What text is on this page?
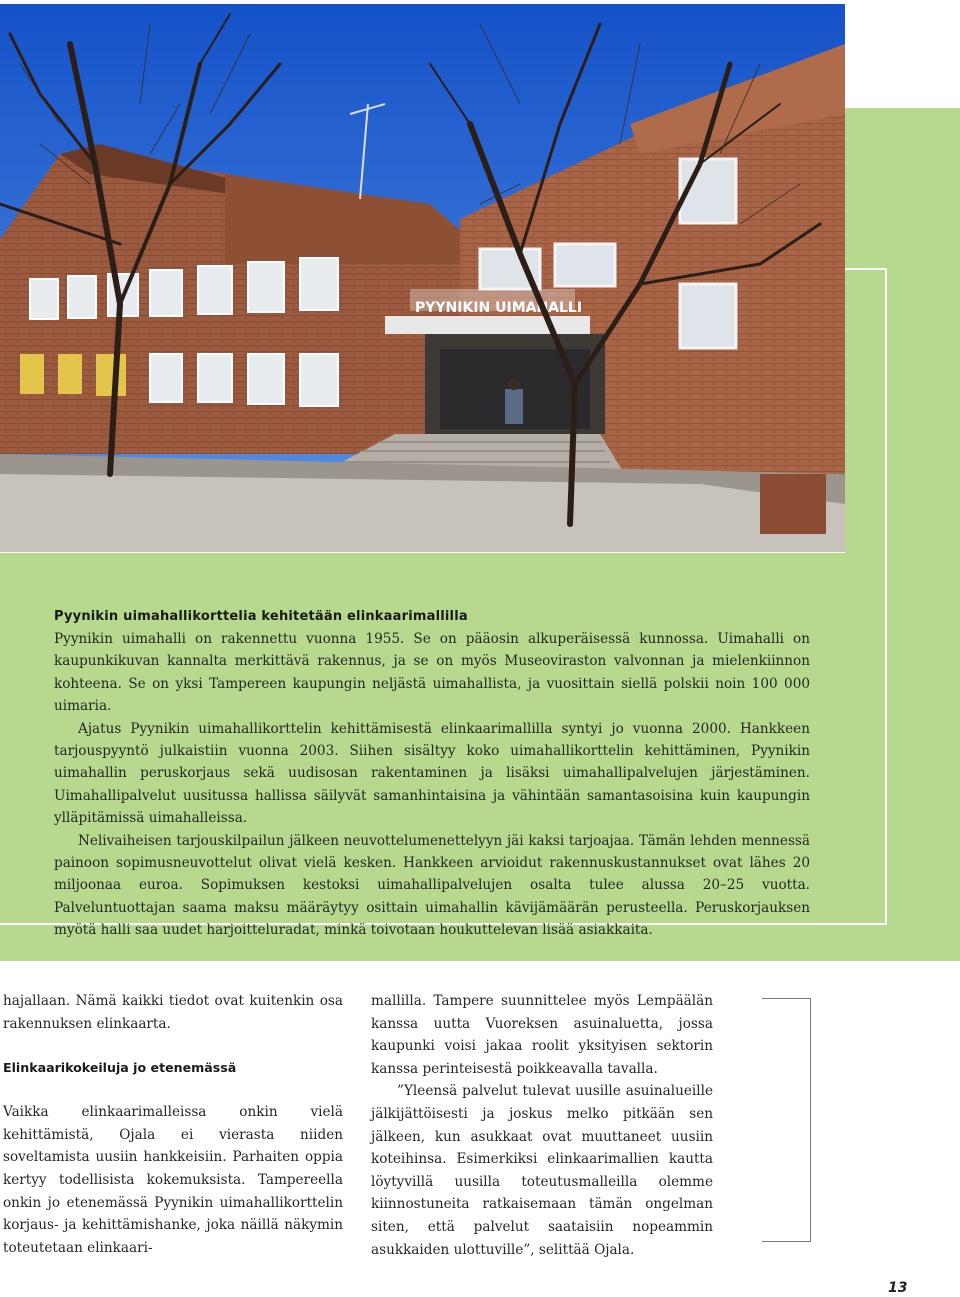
PYYNIKIN UIMAHALLI
Pyynikin uimahallikorttelia kehitetään elinkaarimallilla

Pyynikin uimahalli on rakennettu vuonna 1955. Se on pääosin alkuperäisessä kunnossa. Uimahalli on kaupunkikuvan kannalta merkittävä rakennus, ja se on myös Museoviraston valvonnan ja mielenkiinnon kohteena. Se on yksi Tampereen kaupungin neljästä uimahallista, ja vuosittain siellä polskii noin 100 000 uimaria.

Ajatus Pyynikin uimahallikorttelin kehittämisestä elinkaarimallilla syntyi jo vuonna 2000. Hankkeen tarjouspyyntö julkaistiin vuonna 2003. Siihen sisältyy koko uimahallikorttelin kehittäminen, Pyynikin uimahallin peruskorjaus sekä uudisosan rakentaminen ja lisäksi uimahallipalvelujen järjestäminen. Uimahallipalvelut uusitussa hallissa säilyvät samanhintaisina ja vähintään samantasoisina kuin kaupungin ylläpitämissä uimahalleissa.

Nelivaiheisen tarjouskilpailun jälkeen neuvottelumenettelyyn jäi kaksi tarjoajaa. Tämän lehden mennessä painoon sopimusneuvottelut olivat vielä kesken. Hankkeen arvioidut rakennuskustannukset ovat lähes 20 miljoonaa euroa. Sopimuksen kestoksi uimahallipalvelujen osalta tulee alussa 20–25 vuotta. Palveluntuottajan saama maksu määräytyy osittain uimahallin kävijämäärän perusteella. Peruskorjauksen myötä halli saa uudet harjoitteluradat, minkä toivotaan houkuttelevan lisää asiakkaita.

hajallaan. Nämä kaikki tiedot ovat kuitenkin osa rakennuksen elinkaarta.

Elinkaarikokeiluja jo etenemässä

Vaikka elinkaarimalleissa onkin vielä kehittämistä, Ojala ei vierasta niiden soveltamista uusiin hankkeisiin. Parhaiten oppia kertyy todellisista kokemuksista. Tampereella onkin jo etenemässä Pyynikin uimahallikorttelin korjaus- ja kehittämishanke, joka näillä näkymin toteutetaan elinkaari-

mallilla. Tampere suunnittelee myös Lempäälän kanssa uutta Vuoreksen asuinaluetta, jossa kaupunki voisi jakaa roolit yksityisen sektorin kanssa perinteisestä poikkeavalla tavalla.

”Yleensä palvelut tulevat uusille asuinalueille jälkijättöisesti ja joskus melko pitkään sen jälkeen, kun asukkaat ovat muuttaneet uusiin koteihinsa. Esimerkiksi elinkaarimallien kautta löytyvillä uusilla toteutusmalleilla olemme kiinnostuneita ratkaisemaan tämän ongelman siten, että palvelut saataisiin nopeammin asukkaiden ulottuville”, selittää Ojala.

13
